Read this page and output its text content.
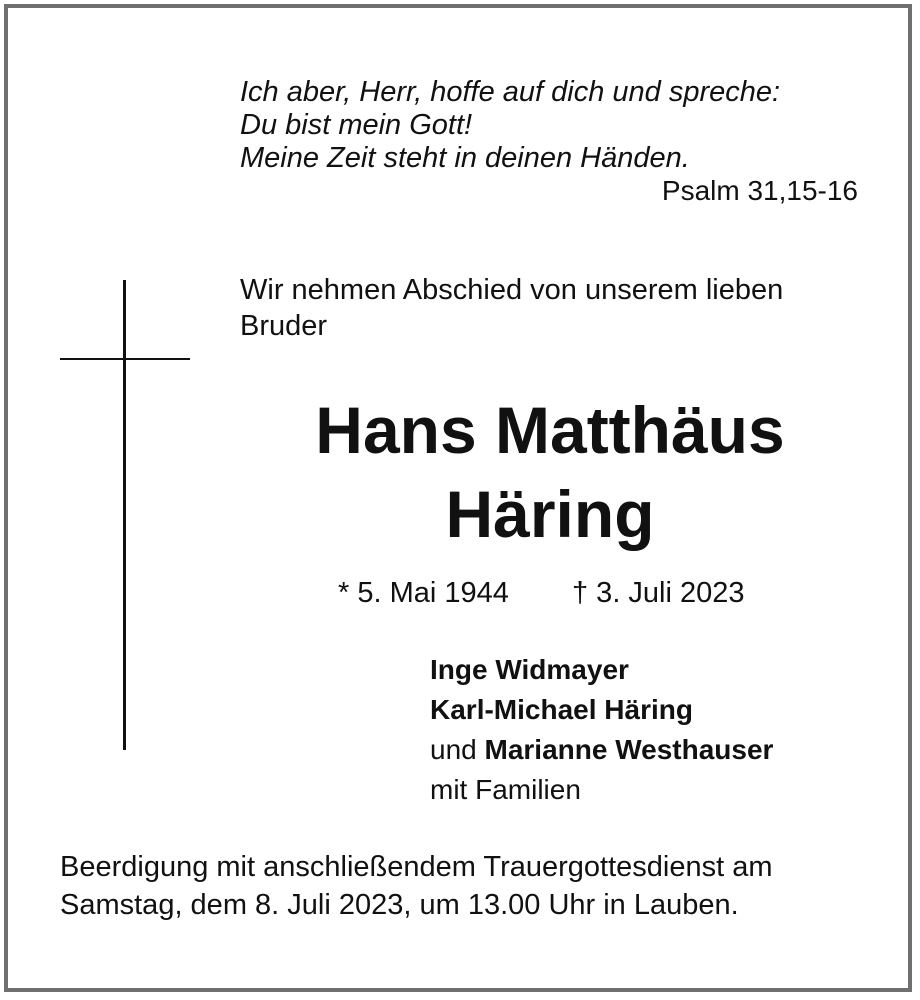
Ich aber, Herr, hoffe auf dich und spreche:
Du bist mein Gott!
Meine Zeit steht in deinen Händen.
Psalm 31,15-16
Wir nehmen Abschied von unserem lieben
Bruder
Hans Matthäus
Häring
* 5. Mai 1944 † 3. Juli 2023
Inge Widmayer
Karl-Michael Häring
und Marianne Westhauser
mit Familien
Beerdigung mit anschließendem Trauergottesdienst am
Samstag, dem 8. Juli 2023, um 13.00 Uhr in Lauben.
